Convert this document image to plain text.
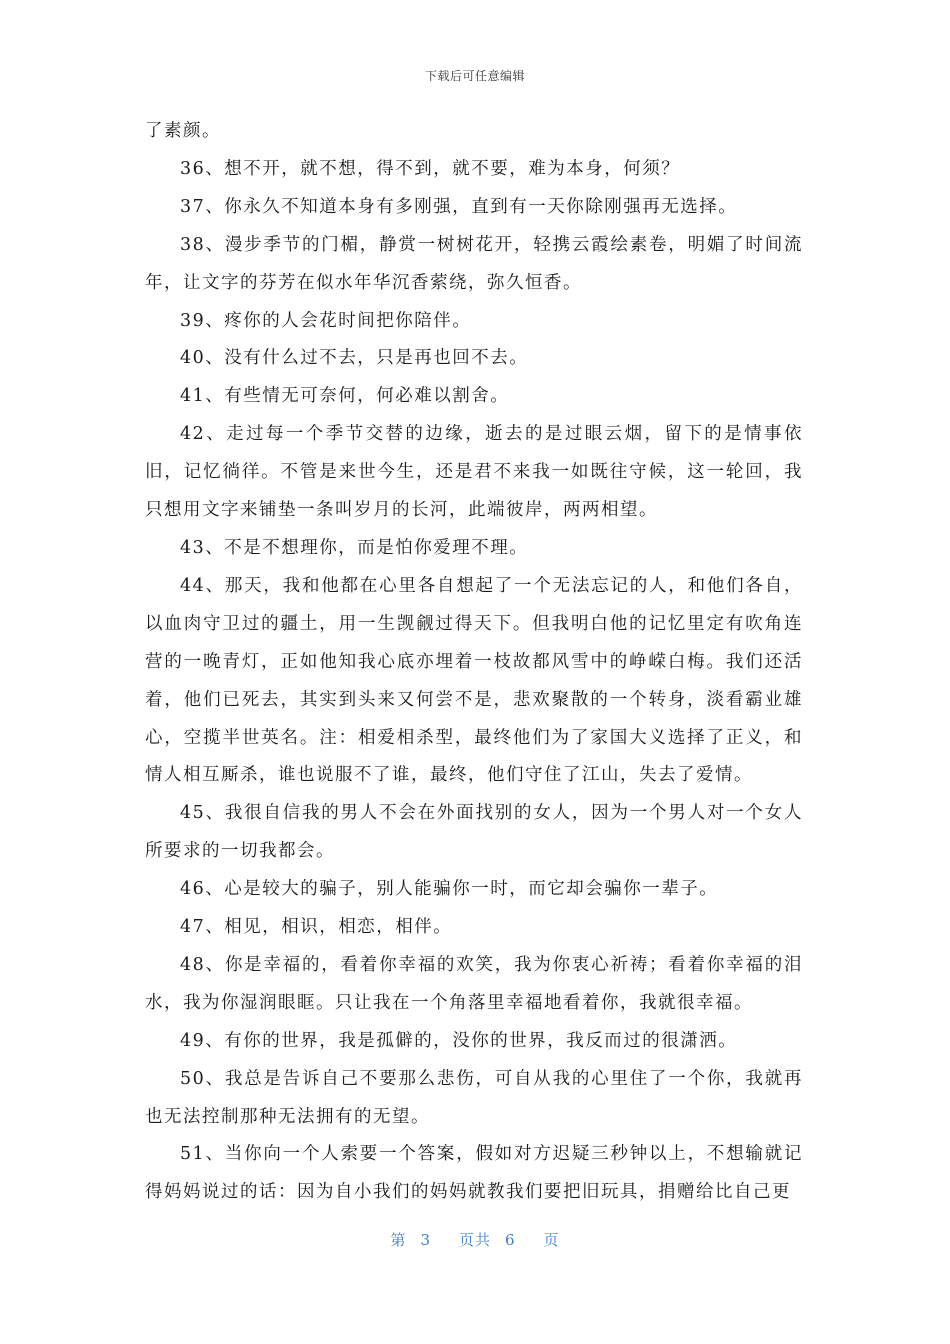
下载后可任意编辑

了素颜。

36、想不开，就不想，得不到，就不要，难为本身，何须？

37、你永久不知道本身有多刚强，直到有一天你除刚强再无选择。

38、漫步季节的门楣，静赏一树树花开，轻携云霞绘素卷，明媚了时间流年，让文字的芬芳在似水年华沉香萦绕，弥久恒香。

39、疼你的人会花时间把你陪伴。

40、没有什么过不去，只是再也回不去。

41、有些情无可奈何，何必难以割舍。

42、走过每一个季节交替的边缘，逝去的是过眼云烟，留下的是情事依旧，记忆徜徉。不管是来世今生，还是君不来我一如既往守候，这一轮回，我只想用文字来铺垫一条叫岁月的长河，此端彼岸，两两相望。

43、不是不想理你，而是怕你爱理不理。

44、那天，我和他都在心里各自想起了一个无法忘记的人，和他们各自，以血肉守卫过的疆土，用一生觊觎过得天下。但我明白他的记忆里定有吹角连营的一晚青灯，正如他知我心底亦埋着一枝故都风雪中的峥嵘白梅。我们还活着，他们已死去，其实到头来又何尝不是，悲欢聚散的一个转身，淡看霸业雄心，空揽半世英名。注：相爱相杀型，最终他们为了家国大义选择了正义，和情人相互厮杀，谁也说服不了谁，最终，他们守住了江山，失去了爱情。

45、我很自信我的男人不会在外面找别的女人，因为一个男人对一个女人所要求的一切我都会。

46、心是较大的骗子，别人能骗你一时，而它却会骗你一辈子。

47、相见，相识，相恋，相伴。

48、你是幸福的，看着你幸福的欢笑，我为你衷心祈祷；看着你幸福的泪水，我为你湿润眼眶。只让我在一个角落里幸福地看着你，我就很幸福。

49、有你的世界，我是孤僻的，没你的世界，我反而过的很潇洒。

50、我总是告诉自己不要那么悲伤，可自从我的心里住了一个你，我就再也无法控制那种无法拥有的无望。

51、当你向一个人索要一个答案，假如对方迟疑三秒钟以上，不想输就记得妈妈说过的话：因为自小我们的妈妈就教我们要把旧玩具，捐赠给比自己更

第 3 页共 6 页
